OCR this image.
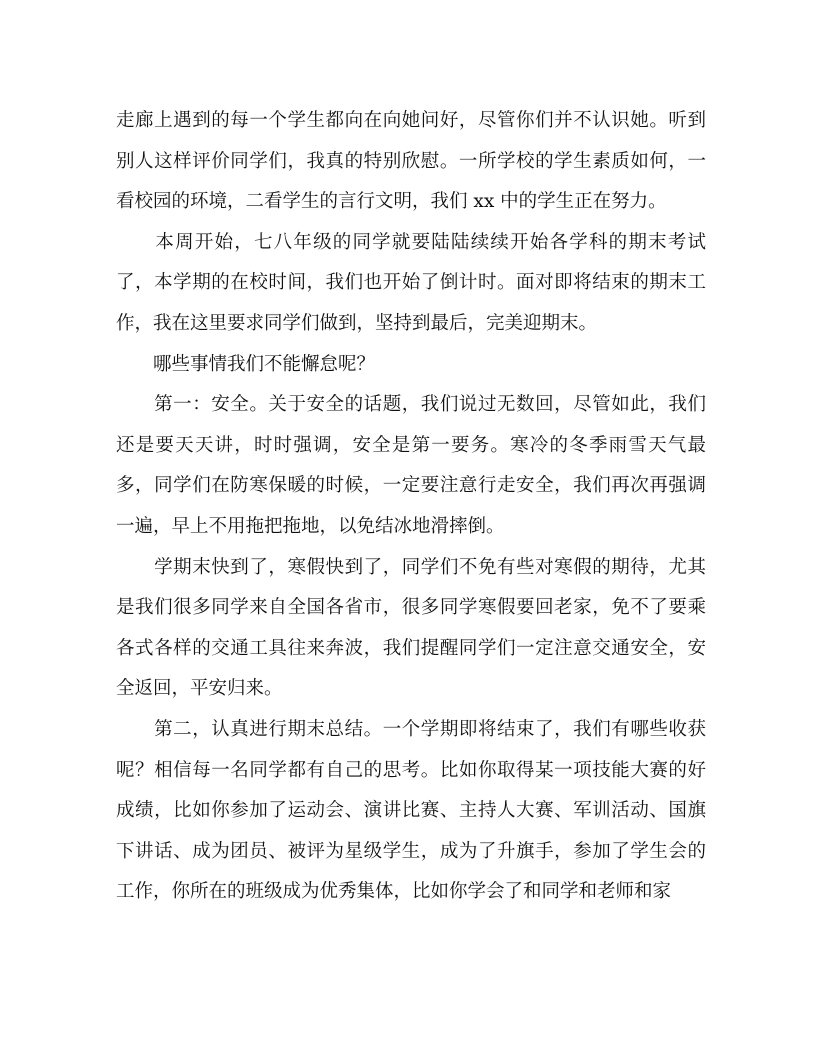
走廊上遇到的每一个学生都向在向她问好，尽管你们并不认识她。听到别人这样评价同学们，我真的特别欣慰。一所学校的学生素质如何，一看校园的环境，二看学生的言行文明，我们 xx 中的学生正在努力。

　　本周开始，七八年级的同学就要陆陆续续开始各学科的期末考试了，本学期的在校时间，我们也开始了倒计时。面对即将结束的期末工作，我在这里要求同学们做到，坚持到最后，完美迎期末。

　　哪些事情我们不能懈怠呢？

　　第一：安全。关于安全的话题，我们说过无数回，尽管如此，我们还是要天天讲，时时强调，安全是第一要务。寒冷的冬季雨雪天气最多，同学们在防寒保暖的时候，一定要注意行走安全，我们再次再强调一遍，早上不用拖把拖地，以免结冰地滑摔倒。

　　学期末快到了，寒假快到了，同学们不免有些对寒假的期待，尤其是我们很多同学来自全国各省市，很多同学寒假要回老家，免不了要乘各式各样的交通工具往来奔波，我们提醒同学们一定注意交通安全，安全返回，平安归来。

　　第二，认真进行期末总结。一个学期即将结束了，我们有哪些收获呢？相信每一名同学都有自己的思考。比如你取得某一项技能大赛的好成绩，比如你参加了运动会、演讲比赛、主持人大赛、军训活动、国旗下讲话、成为团员、被评为星级学生，成为了升旗手，参加了学生会的工作，你所在的班级成为优秀集体，比如你学会了和同学和老师和家
